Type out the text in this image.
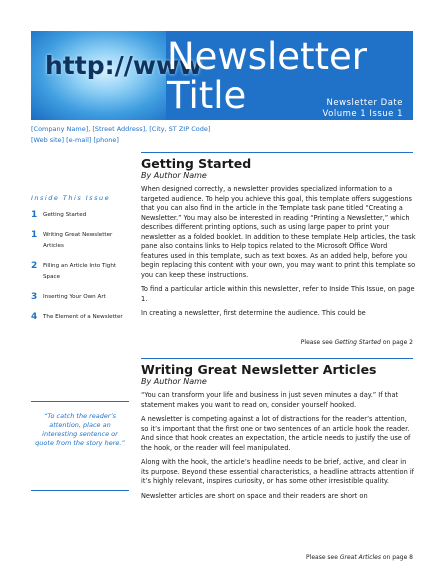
http://www
Newsletter
Title	Newsletter Date
Volume 1 Issue 1
[Company Name], [Street Address], [City, ST ZIP Code]
[Web site] [e-mail] [phone]
Inside This Issue
1	Getting Started
1	Writing Great Newsletter Articles
2	Filling an Article Into Tight Space
3	Inserting Your Own Art
4	The Element of a Newsletter
“To catch the reader’s attention, place an interesting sentence or quote from the story here.”
Getting Started
By Author Name

When designed correctly, a newsletter provides specialized information to a targeted audience. To help you achieve this goal, this template offers suggestions that you can also find in the article in the Template task pane titled “Creating a Newsletter.” You may also be interested in reading “Printing a Newsletter,” which describes different printing options, such as using large paper to print your newsletter as a folded booklet. In addition to these template Help articles, the task pane also contains links to Help topics related to the Microsoft Office Word features used in this template, such as text boxes. As an added help, before you begin replacing this content with your own, you may want to print this template so you can keep these instructions.

To find a particular article within this newsletter, refer to Inside This Issue, on page 1.

In creating a newsletter, first determine the audience. This could be

Please see Getting Started on page 2
Writing Great Newsletter Articles
By Author Name

“You can transform your life and business in just seven minutes a day.” If that statement makes you want to read on, consider yourself hooked.

A newsletter is competing against a lot of distractions for the reader’s attention, so it’s important that the first one or two sentences of an article hook the reader. And since that hook creates an expectation, the article needs to justify the use of the hook, or the reader will feel manipulated.

Along with the hook, the article’s headline needs to be brief, active, and clear in its purpose. Beyond these essential characteristics, a headline attracts attention if it’s highly relevant, inspires curiosity, or has some other irresistible quality.

Newsletter articles are short on space and their readers are short on

Please see Great Articles on page 8
